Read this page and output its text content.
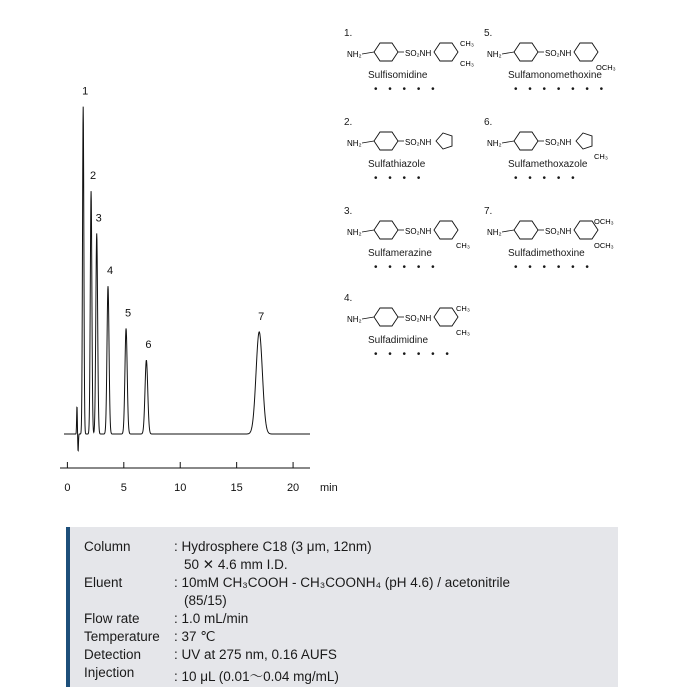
0	5	10	15	20
1
2
3
4
5
6
7
min
1.
NH₂	SO₂NH
CH₃
CH₃
Sulfisomidine
• • • • •
2.
NH₂	SO₂NH
Sulfathiazole
• • • •
3.
NH₂	SO₂NH
CH₃
Sulfamerazine
• • • • •
4.
NH₂	SO₂NH
CH₃
CH₃
Sulfadimidine
• • • • • •
5.
NH₂	SO₂NH
OCH₃
Sulfamonomethoxine
• • • • • • •
6.
NH₂	SO₂NH
CH₃
Sulfamethoxazole
• • • • •
7.
NH₂	SO₂NH
OCH₃
OCH₃
Sulfadimethoxine
• • • • • •
Column	: Hydrosphere C18 (3 μm, 12nm)
50 ✕ 4.6 mm I.D.
Eluent	: 10mM CH₃COOH - CH₃COONH₄ (pH 4.6) / acetonitrile
(85/15)
Flow rate	: 1.0 mL/min
Temperature : 37 ℃
Detection : UV at 275 nm, 0.16 AUFS
Injection	: 10 μL (0.01～0.04 mg/mL)
